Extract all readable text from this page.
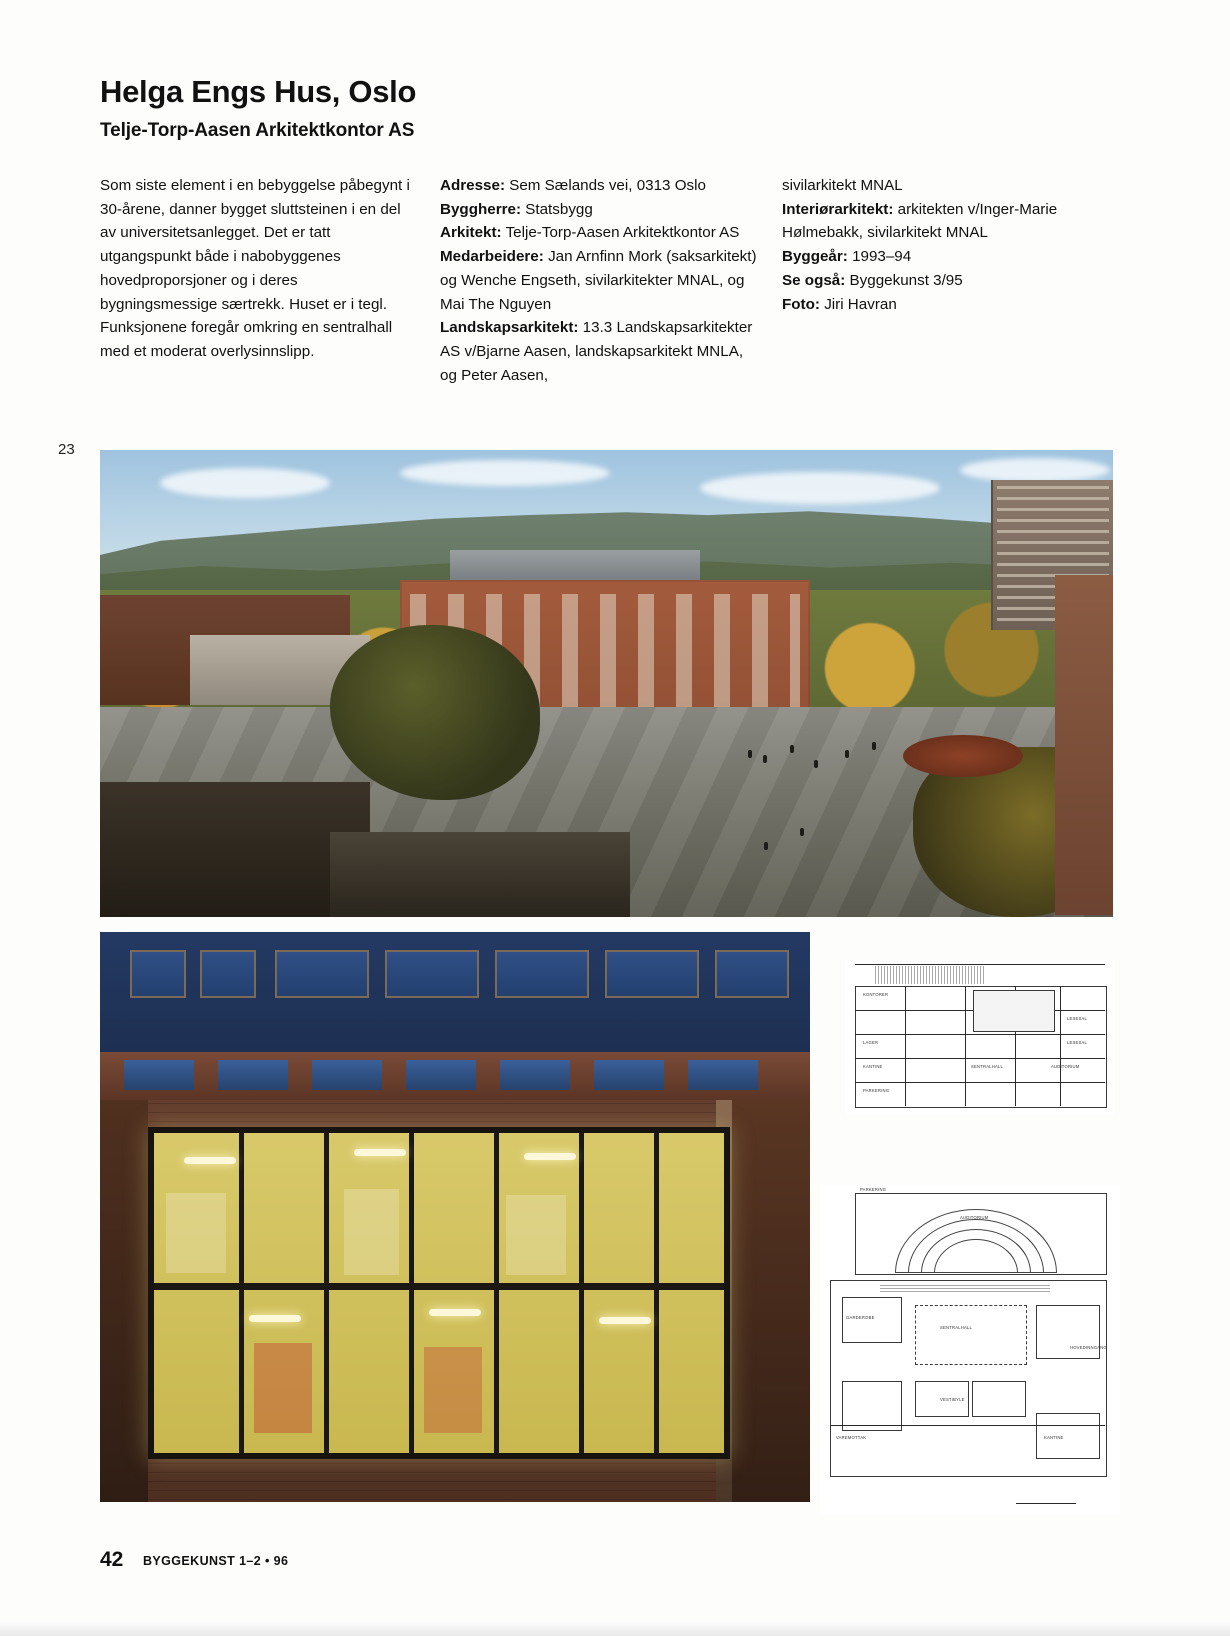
Helga Engs Hus, Oslo
Telje-Torp-Aasen Arkitektkontor AS

Som siste element i en bebyggelse påbegynt i 30-årene, danner bygget sluttsteinen i en del av universitetsanlegget. Det er tatt utgangspunkt både i nabobyggenes hovedproporsjoner og i deres bygningsmessige særtrekk. Huset er i tegl. Funksjonene foregår omkring en sentralhall med et moderat overlysinnslipp.

Adresse: Sem Sælands vei, 0313 Oslo

Byggherre: Statsbygg

Arkitekt: Telje-Torp-Aasen Arkitektkontor AS

Medarbeidere: Jan Arnfinn Mork (saksarkitekt) og Wenche Engseth, sivilarkitekter MNAL, og Mai The Nguyen

Landskapsarkitekt: 13.3 Landskapsarkitekter AS v/Bjarne Aasen, landskapsarkitekt MNLA, og Peter Aasen,

sivilarkitekt MNAL

Interiørarkitekt: arkitekten v/Inger-Marie Hølmebakk, sivilarkitekt MNAL

Byggeår: 1993–94

Se også: Byggekunst 3/95

Foto: Jiri Havran

23
KONTORER
LESESAL
LAGER	LESESAL
KANTINE	SENTRALHALL	AUDITORIUM
PARKERING
PARKERING
AUDITORIUM
SENTRALHALL
HOVEDINNGANG
VESTIBYLE
GARDEROBE
VAREMOTTAK	KANTINE
42 BYGGEKUNST 1–2 • 96
